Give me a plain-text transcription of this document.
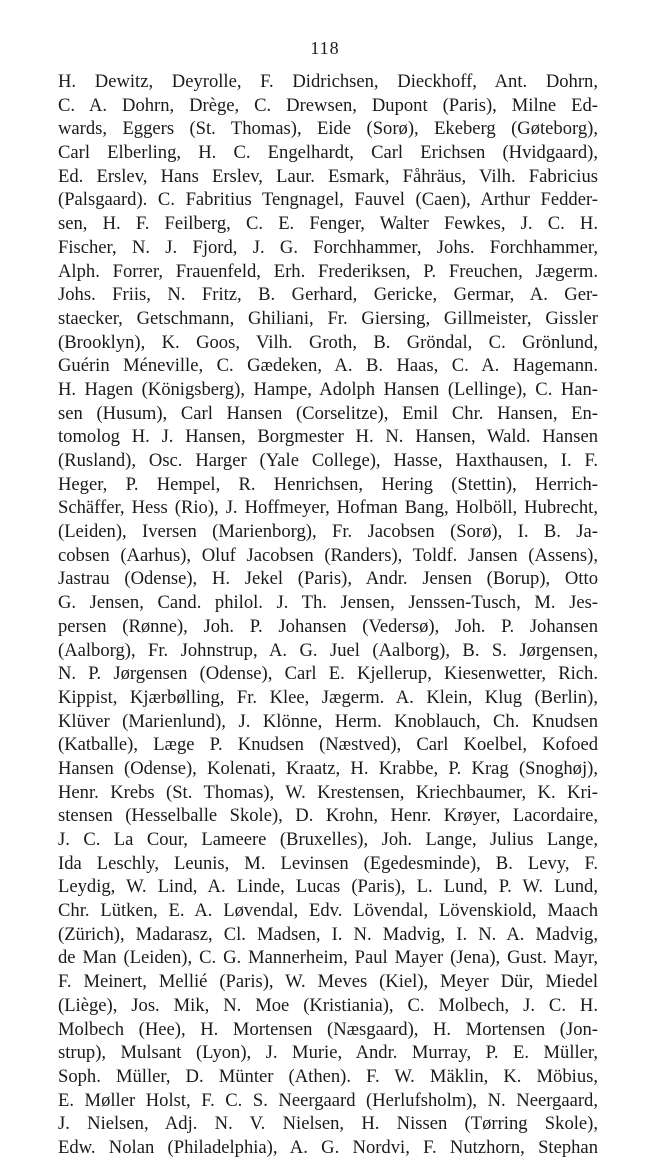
118
H. Dewitz, Deyrolle, F. Didrichsen, Dieckhoff, Ant. Dohrn,
C. A. Dohrn, Drège, C. Drewsen, Dupont (Paris), Milne Ed-
wards, Eggers (St. Thomas), Eide (Sorø), Ekeberg (Gøteborg),
Carl Elberling, H. C. Engelhardt, Carl Erichsen (Hvidgaard),
Ed. Erslev, Hans Erslev, Laur. Esmark, Fåhräus, Vilh. Fabricius
(Palsgaard). C. Fabritius Tengnagel, Fauvel (Caen), Arthur Fedder-
sen, H. F. Feilberg, C. E. Fenger, Walter Fewkes, J. C. H.
Fischer, N. J. Fjord, J. G. Forchhammer, Johs. Forchhammer,
Alph. Forrer, Frauenfeld, Erh. Frederiksen, P. Freuchen, Jægerm.
Johs. Friis, N. Fritz, B. Gerhard, Gericke, Germar, A. Ger-
staecker, Getschmann, Ghiliani, Fr. Giersing, Gillmeister, Gissler
(Brooklyn), K. Goos, Vilh. Groth, B. Gröndal, C. Grönlund,
Guérin Méneville, C. Gædeken, A. B. Haas, C. A. Hagemann.
H. Hagen (Königsberg), Hampe, Adolph Hansen (Lellinge), C. Han-
sen (Husum), Carl Hansen (Corselitze), Emil Chr. Hansen, En-
tomolog H. J. Hansen, Borgmester H. N. Hansen, Wald. Hansen
(Rusland), Osc. Harger (Yale College), Hasse, Haxthausen, I. F.
Heger, P. Hempel, R. Henrichsen, Hering (Stettin), Herrich-
Schäffer, Hess (Rio), J. Hoffmeyer, Hofman Bang, Holböll, Hubrecht,
(Leiden), Iversen (Marienborg), Fr. Jacobsen (Sorø), I. B. Ja-
cobsen (Aarhus), Oluf Jacobsen (Randers), Toldf. Jansen (Assens),
Jastrau (Odense), H. Jekel (Paris), Andr. Jensen (Borup), Otto
G. Jensen, Cand. philol. J. Th. Jensen, Jenssen-Tusch, M. Jes-
persen (Rønne), Joh. P. Johansen (Vedersø), Joh. P. Johansen
(Aalborg), Fr. Johnstrup, A. G. Juel (Aalborg), B. S. Jørgensen,
N. P. Jørgensen (Odense), Carl E. Kjellerup, Kiesenwetter, Rich.
Kippist, Kjærbølling, Fr. Klee, Jægerm. A. Klein, Klug (Berlin),
Klüver (Marienlund), J. Klönne, Herm. Knoblauch, Ch. Knudsen
(Katballe), Læge P. Knudsen (Næstved), Carl Koelbel, Kofoed
Hansen (Odense), Kolenati, Kraatz, H. Krabbe, P. Krag (Snoghøj),
Henr. Krebs (St. Thomas), W. Krestensen, Kriechbaumer, K. Kri-
stensen (Hesselballe Skole), D. Krohn, Henr. Krøyer, Lacordaire,
J. C. La Cour, Lameere (Bruxelles), Joh. Lange, Julius Lange,
Ida Leschly, Leunis, M. Levinsen (Egedesminde), B. Levy, F.
Leydig, W. Lind, A. Linde, Lucas (Paris), L. Lund, P. W. Lund,
Chr. Lütken, E. A. Løvendal, Edv. Lövendal, Lövenskiold, Maach
(Zürich), Madarasz, Cl. Madsen, I. N. Madvig, I. N. A. Madvig,
de Man (Leiden), C. G. Mannerheim, Paul Mayer (Jena), Gust. Mayr,
F. Meinert, Mellié (Paris), W. Meves (Kiel), Meyer Dür, Miedel
(Liège), Jos. Mik, N. Moe (Kristiania), C. Molbech, J. C. H.
Molbech (Hee), H. Mortensen (Næsgaard), H. Mortensen (Jon-
strup), Mulsant (Lyon), J. Murie, Andr. Murray, P. E. Müller,
Soph. Müller, D. Münter (Athen). F. W. Mäklin, K. Möbius,
E. Møller Holst, F. C. S. Neergaard (Herlufsholm), N. Neergaard,
J. Nielsen, Adj. N. V. Nielsen, H. Nissen (Tørring Skole),
Edw. Nolan (Philadelphia), A. G. Nordvi, F. Nutzhorn, Stephan
